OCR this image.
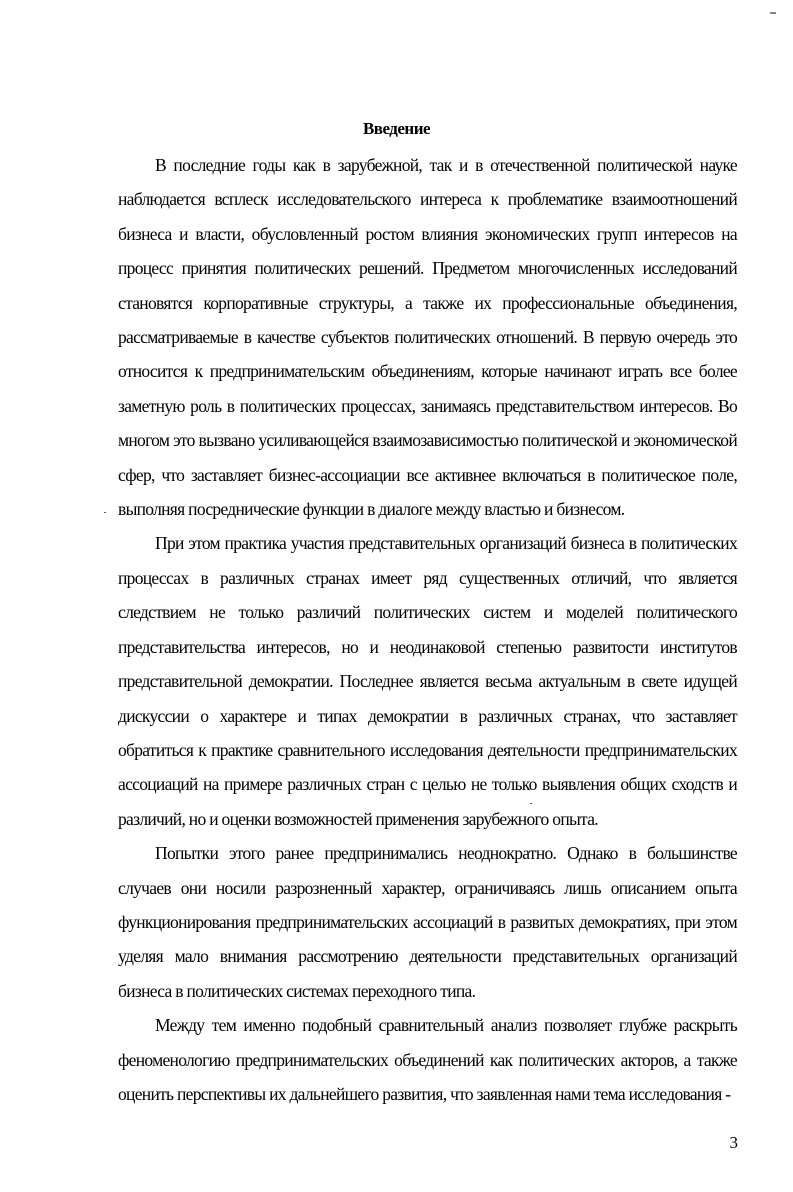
Введение

В последние годы как в зарубежной, так и в отечественной политической науке наблюдается всплеск исследовательского интереса к проблематике взаимоотношений бизнеса и власти, обусловленный ростом влияния экономических групп интересов на процесс принятия политических решений. Предметом многочисленных исследований становятся корпоративные структуры, а также их профессиональные объединения, рассматриваемые в качестве субъектов политических отношений. В первую очередь это относится к предпринимательским объединениям, которые начинают играть все более заметную роль в политических процессах, занимаясь представительством интересов. Во многом это вызвано усиливающейся взаимозависимостью политической и экономической сфер, что заставляет бизнес-ассоциации все активнее включаться в политическое поле, выполняя посреднические функции в диалоге между властью и бизнесом.

При этом практика участия представительных организаций бизнеса в политических процессах в различных странах имеет ряд существенных отличий, что является следствием не только различий политических систем и моделей политического представительства интересов, но и неодинаковой степенью развитости институтов представительной демократии. Последнее является весьма актуальным в свете идущей дискуссии о характере и типах демократии в различных странах, что заставляет обратиться к практике сравнительного исследования деятельности предпринимательских ассоциаций на примере различных стран с целью не только выявления общих сходств и различий, но и оценки возможностей применения зарубежного опыта.

Попытки этого ранее предпринимались неоднократно. Однако в большинстве случаев они носили разрозненный характер, ограничиваясь лишь описанием опыта функционирования предпринимательских ассоциаций в развитых демократиях, при этом уделяя мало внимания рассмотрению деятельности представительных организаций бизнеса в политических системах переходного типа.

Между тем именно подобный сравнительный анализ позволяет глубже раскрыть феноменологию предпринимательских объединений как политических акторов, а также оценить перспективы их дальнейшего развития, что заявленная нами тема исследования -

3
